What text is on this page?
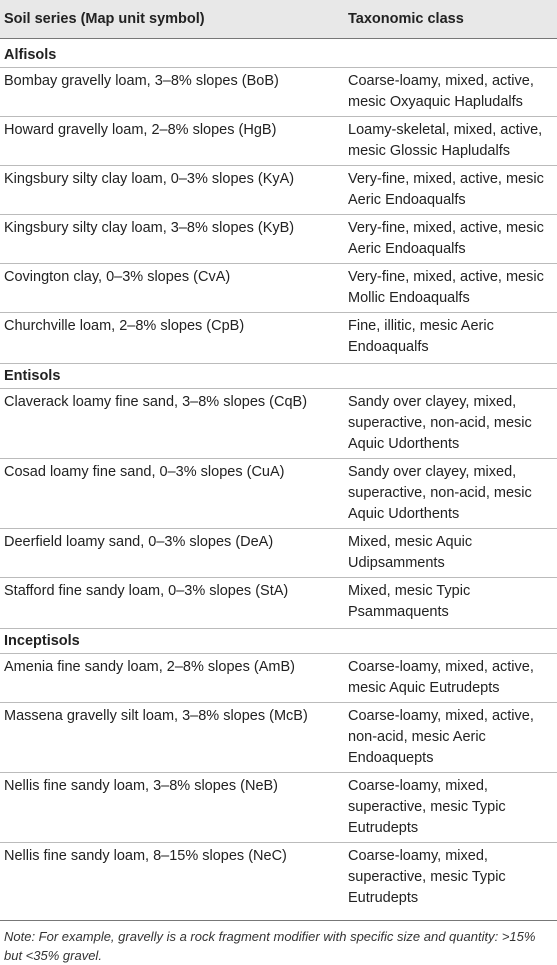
Soil series (Map unit symbol)	Taxonomic class
Alfisols
Bombay gravelly loam, 3–8% slopes (BoB)	Coarse-loamy, mixed, active, mesic Oxyaquic Hapludalfs
Howard gravelly loam, 2–8% slopes (HgB)	Loamy-skeletal, mixed, active, mesic Glossic Hapludalfs
Kingsbury silty clay loam, 0–3% slopes (KyA)	Very-fine, mixed, active, mesic Aeric Endoaqualfs
Kingsbury silty clay loam, 3–8% slopes (KyB)	Very-fine, mixed, active, mesic Aeric Endoaqualfs
Covington clay, 0–3% slopes (CvA)	Very-fine, mixed, active, mesic Mollic Endoaqualfs
Churchville loam, 2–8% slopes (CpB)	Fine, illitic, mesic Aeric Endoaqualfs
Entisols
Claverack loamy fine sand, 3–8% slopes (CqB)	Sandy over clayey, mixed, superactive, non-acid, mesic Aquic Udorthents
Cosad loamy fine sand, 0–3% slopes (CuA)	Sandy over clayey, mixed, superactive, non-acid, mesic Aquic Udorthents
Deerfield loamy sand, 0–3% slopes (DeA)	Mixed, mesic Aquic Udipsamments
Stafford fine sandy loam, 0–3% slopes (StA)	Mixed, mesic Typic Psammaquents
Inceptisols
Amenia fine sandy loam, 2–8% slopes (AmB)	Coarse-loamy, mixed, active, mesic Aquic Eutrudepts
Massena gravelly silt loam, 3–8% slopes (McB)	Coarse-loamy, mixed, active, non-acid, mesic Aeric Endoaquepts
Nellis fine sandy loam, 3–8% slopes (NeB)	Coarse-loamy, mixed, superactive, mesic Typic Eutrudepts
Nellis fine sandy loam, 8–15% slopes (NeC)	Coarse-loamy, mixed, superactive, mesic Typic Eutrudepts
Note: For example, gravelly is a rock fragment modifier with specific size and quantity: >15% but <35% gravel.
